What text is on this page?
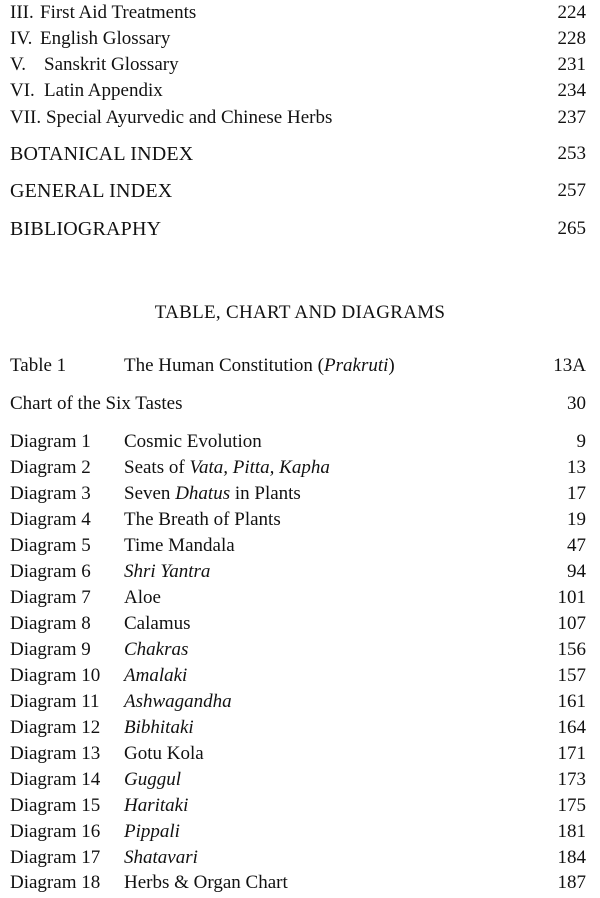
III. First Aid Treatments	224
IV. English Glossary	228
V. Sanskrit Glossary	231
VI. Latin Appendix	234
VII. Special Ayurvedic and Chinese Herbs	237
BOTANICAL INDEX	253
GENERAL INDEX	257
BIBLIOGRAPHY	265
TABLE, CHART AND DIAGRAMS
Table 1	The Human Constitution (Prakruti)	13A
Chart of the Six Tastes	30
Diagram 1 Cosmic Evolution	9
Diagram 2 Seats of Vata, Pitta, Kapha	13
Diagram 3 Seven Dhatus in Plants	17
Diagram 4 The Breath of Plants	19
Diagram 5 Time Mandala	47
Diagram 6 Shri Yantra	94
Diagram 7 Aloe	101
Diagram 8 Calamus	107
Diagram 9 Chakras	156
Diagram 10 Amalaki	157
Diagram 11 Ashwagandha	161
Diagram 12 Bibhitaki	164
Diagram 13 Gotu Kola	171
Diagram 14 Guggul	173
Diagram 15 Haritaki	175
Diagram 16 Pippali	181
Diagram 17 Shatavari	184
Diagram 18 Herbs & Organ Chart	187
